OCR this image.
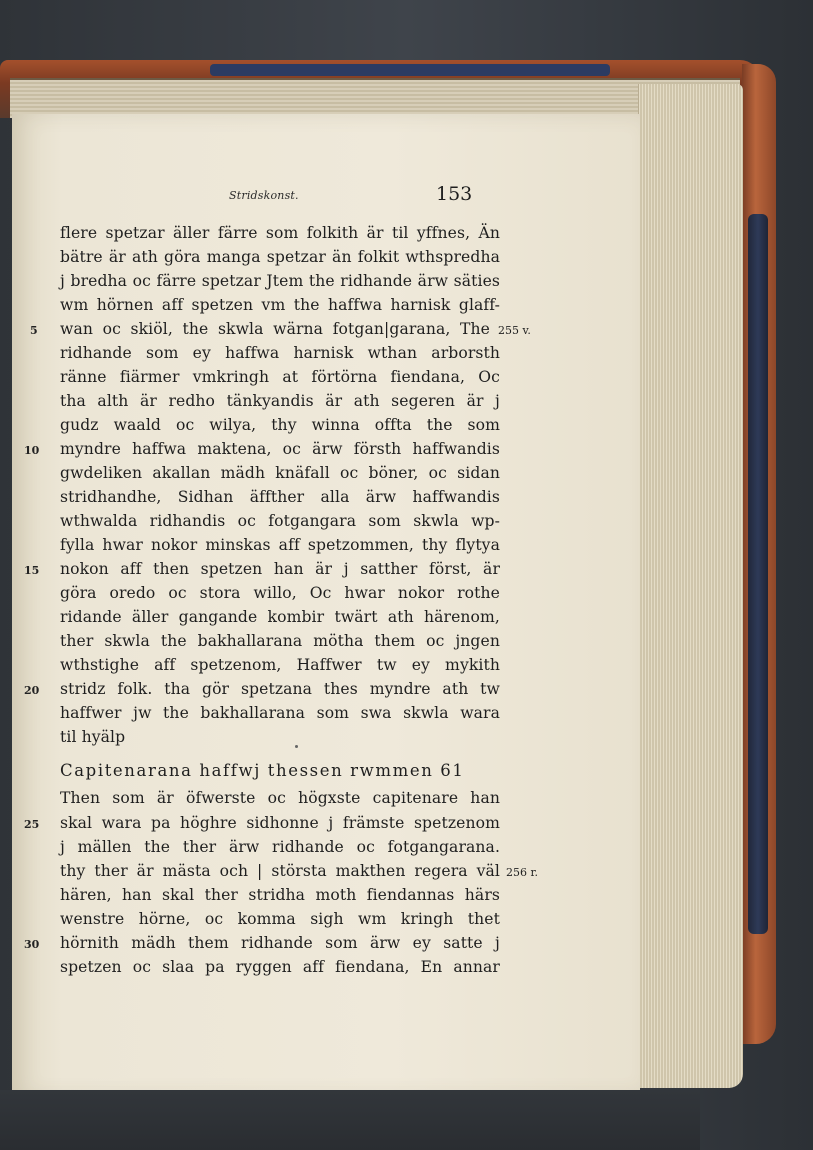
Stridskonst.	153
flere spetzar äller färre som folkith är til yffnes, Än
bätre är ath göra manga spetzar än folkit wthspredha
j bredha oc färre spetzar Jtem the ridhande ärw säties
wm hörnen aff spetzen vm the haffwa harnisk glaff-
wan oc skiöl, the skwla wärna fotgan|garana, The
ridhande som ey haffwa harnisk wthan arborsth
ränne fiärmer vmkringh at förtörna fiendana, Oc
tha alth är redho tänkyandis är ath segeren är j
gudz waald oc wilya, thy winna offta the som
myndre haffwa maktena, oc ärw försth haffwandis
gwdeliken akallan mädh knäfall oc böner, oc sidan
stridhandhe, Sidhan äffther alla ärw haffwandis
wthwalda ridhandis oc fotgangara som skwla wp-
fylla hwar nokor minskas aff spetzommen, thy flytya
nokon aff then spetzen han är j satther först, är
göra oredo oc stora willo, Oc hwar nokor rothe
ridande äller gangande kombir twärt ath härenom,
ther skwla the bakhallarana mötha them oc jngen
wthstighe aff spetzenom, Haffwer tw ey mykith
stridz folk. tha gör spetzana thes myndre ath tw
haffwer jw the bakhallarana som swa skwla wara
til hyälp
5
10
15
20
255 v.
Capitenarana haffwj thessen rwmmen 61
Then som är öfwerste oc högxste capitenare han
skal wara pa höghre sidhonne j främste spetzenom
j mällen the ther ärw ridhande oc fotgangarana.
thy ther är mästa och | största makthen regera väl
hären, han skal ther stridha moth fiendannas härs
wenstre hörne, oc komma sigh wm kringh thet
hörnith mädh them ridhande som ärw ey satte j
spetzen oc slaa pa ryggen aff fiendana, En annar
25
30
256 r.
